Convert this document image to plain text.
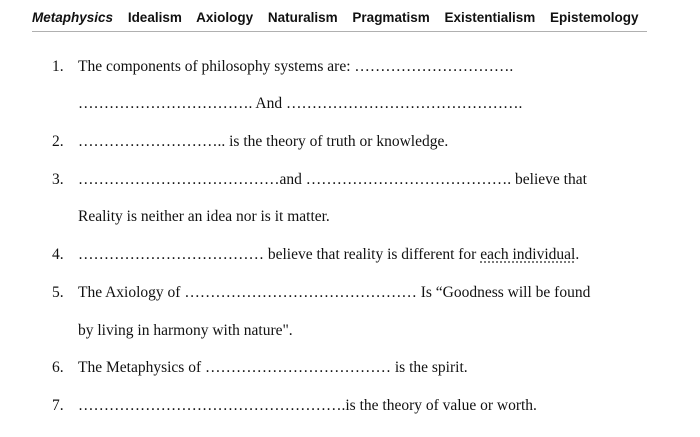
Metaphysics Idealism Axiology Naturalism Pragmatism Existentialism Epistemology
1. The components of philosophy systems are: ………………………….
……………………………. And ……………………………………….
2. ……………………….. is the theory of truth or knowledge.
3. …………………………………and …………………………………. believe that
Reality is neither an idea nor is it matter.
4. ……………………………… believe that reality is different for each individual.
5. The Axiology of ……………………………………… Is “Goodness will be found
by living in harmony with nature".
6. The Metaphysics of ……………………………… is the spirit.
7. …………………………………………….is the theory of value or worth.
